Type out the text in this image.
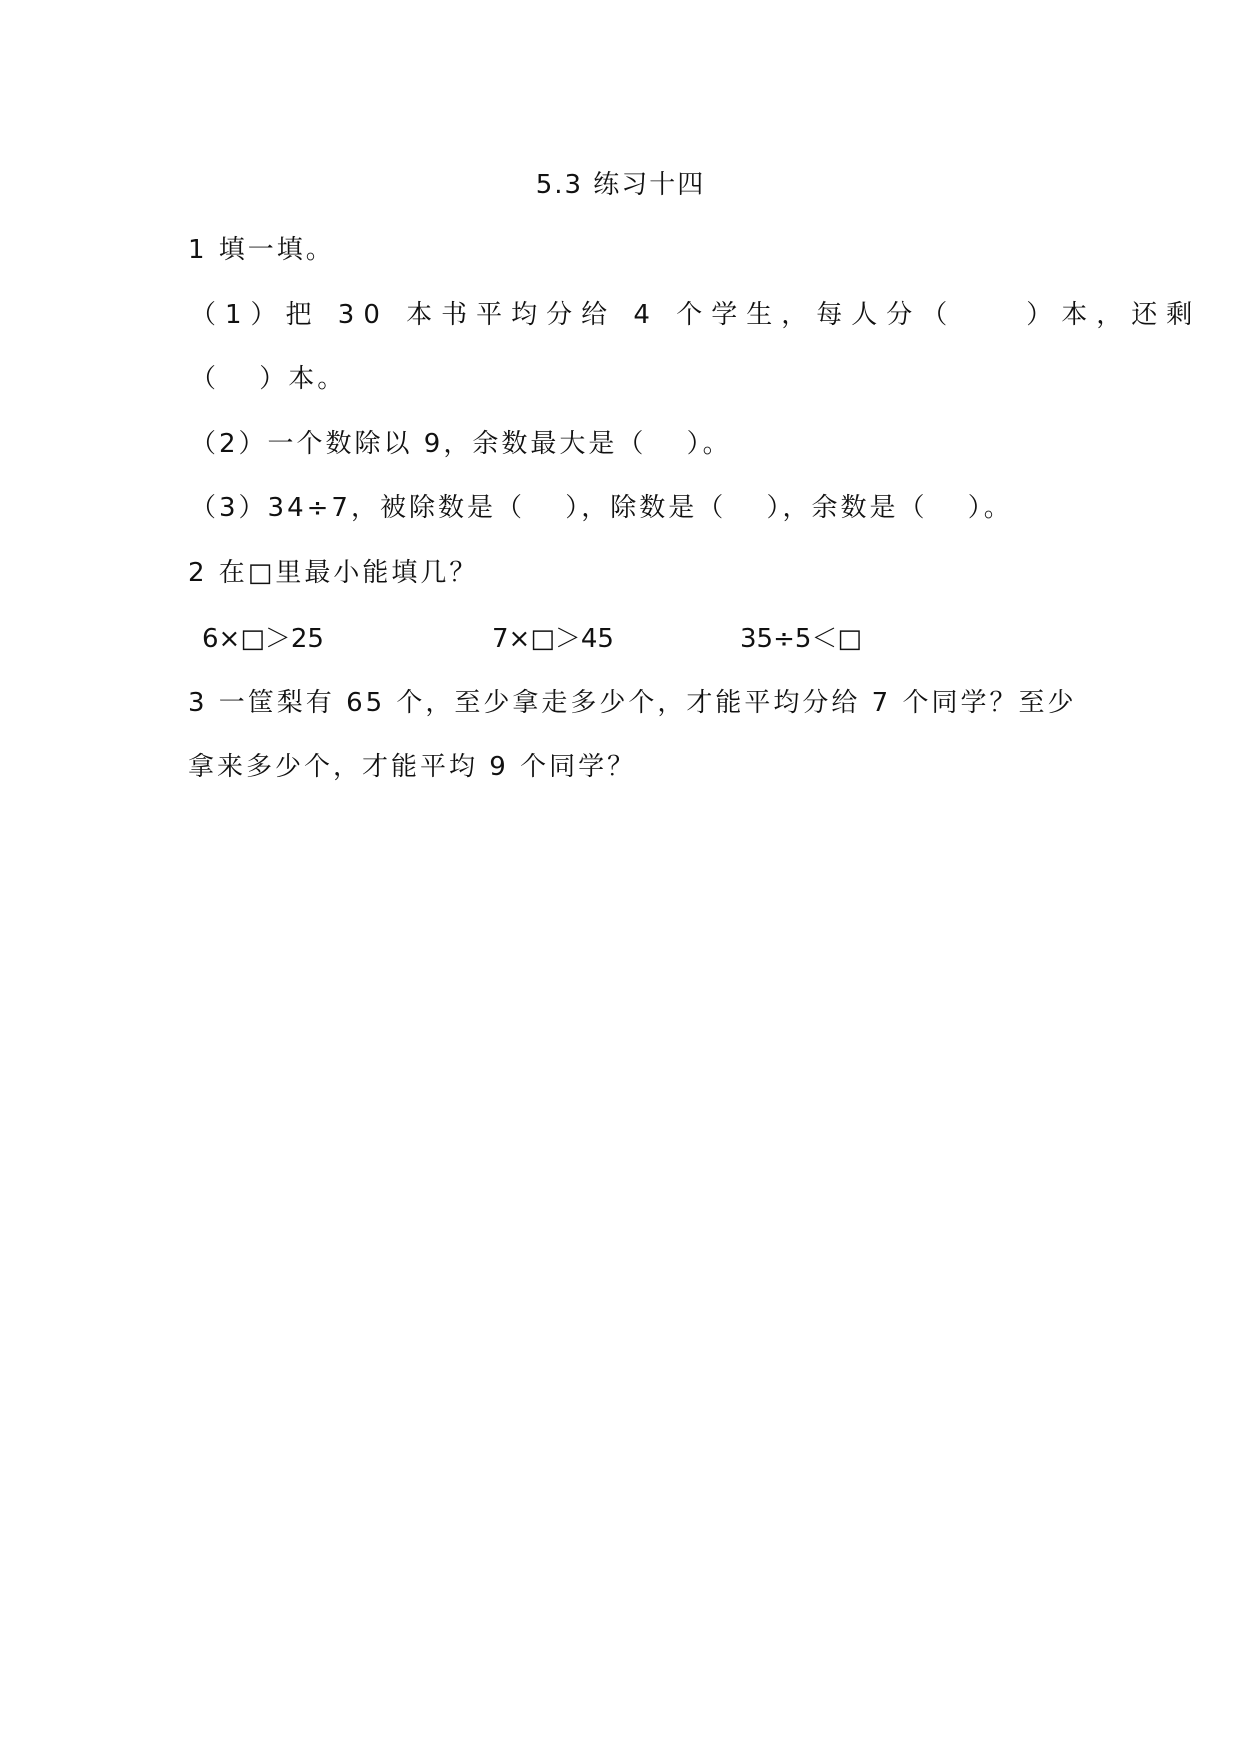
5.3 练习十四
1 填一填。
（1）把 30 本书平均分给 4 个学生，每人分（　　）本，还剩
（　 ）本。
（2）一个数除以 9，余数最大是（　 ）。
（3）34÷7，被除数是（　 ），除数是（　 ），余数是（　 ）。
2 在□里最小能填几？
6×□＞25	7×□＞45	35÷5＜□
3 一筐梨有 65 个，至少拿走多少个，才能平均分给 7 个同学？至少
拿来多少个，才能平均 9 个同学？
